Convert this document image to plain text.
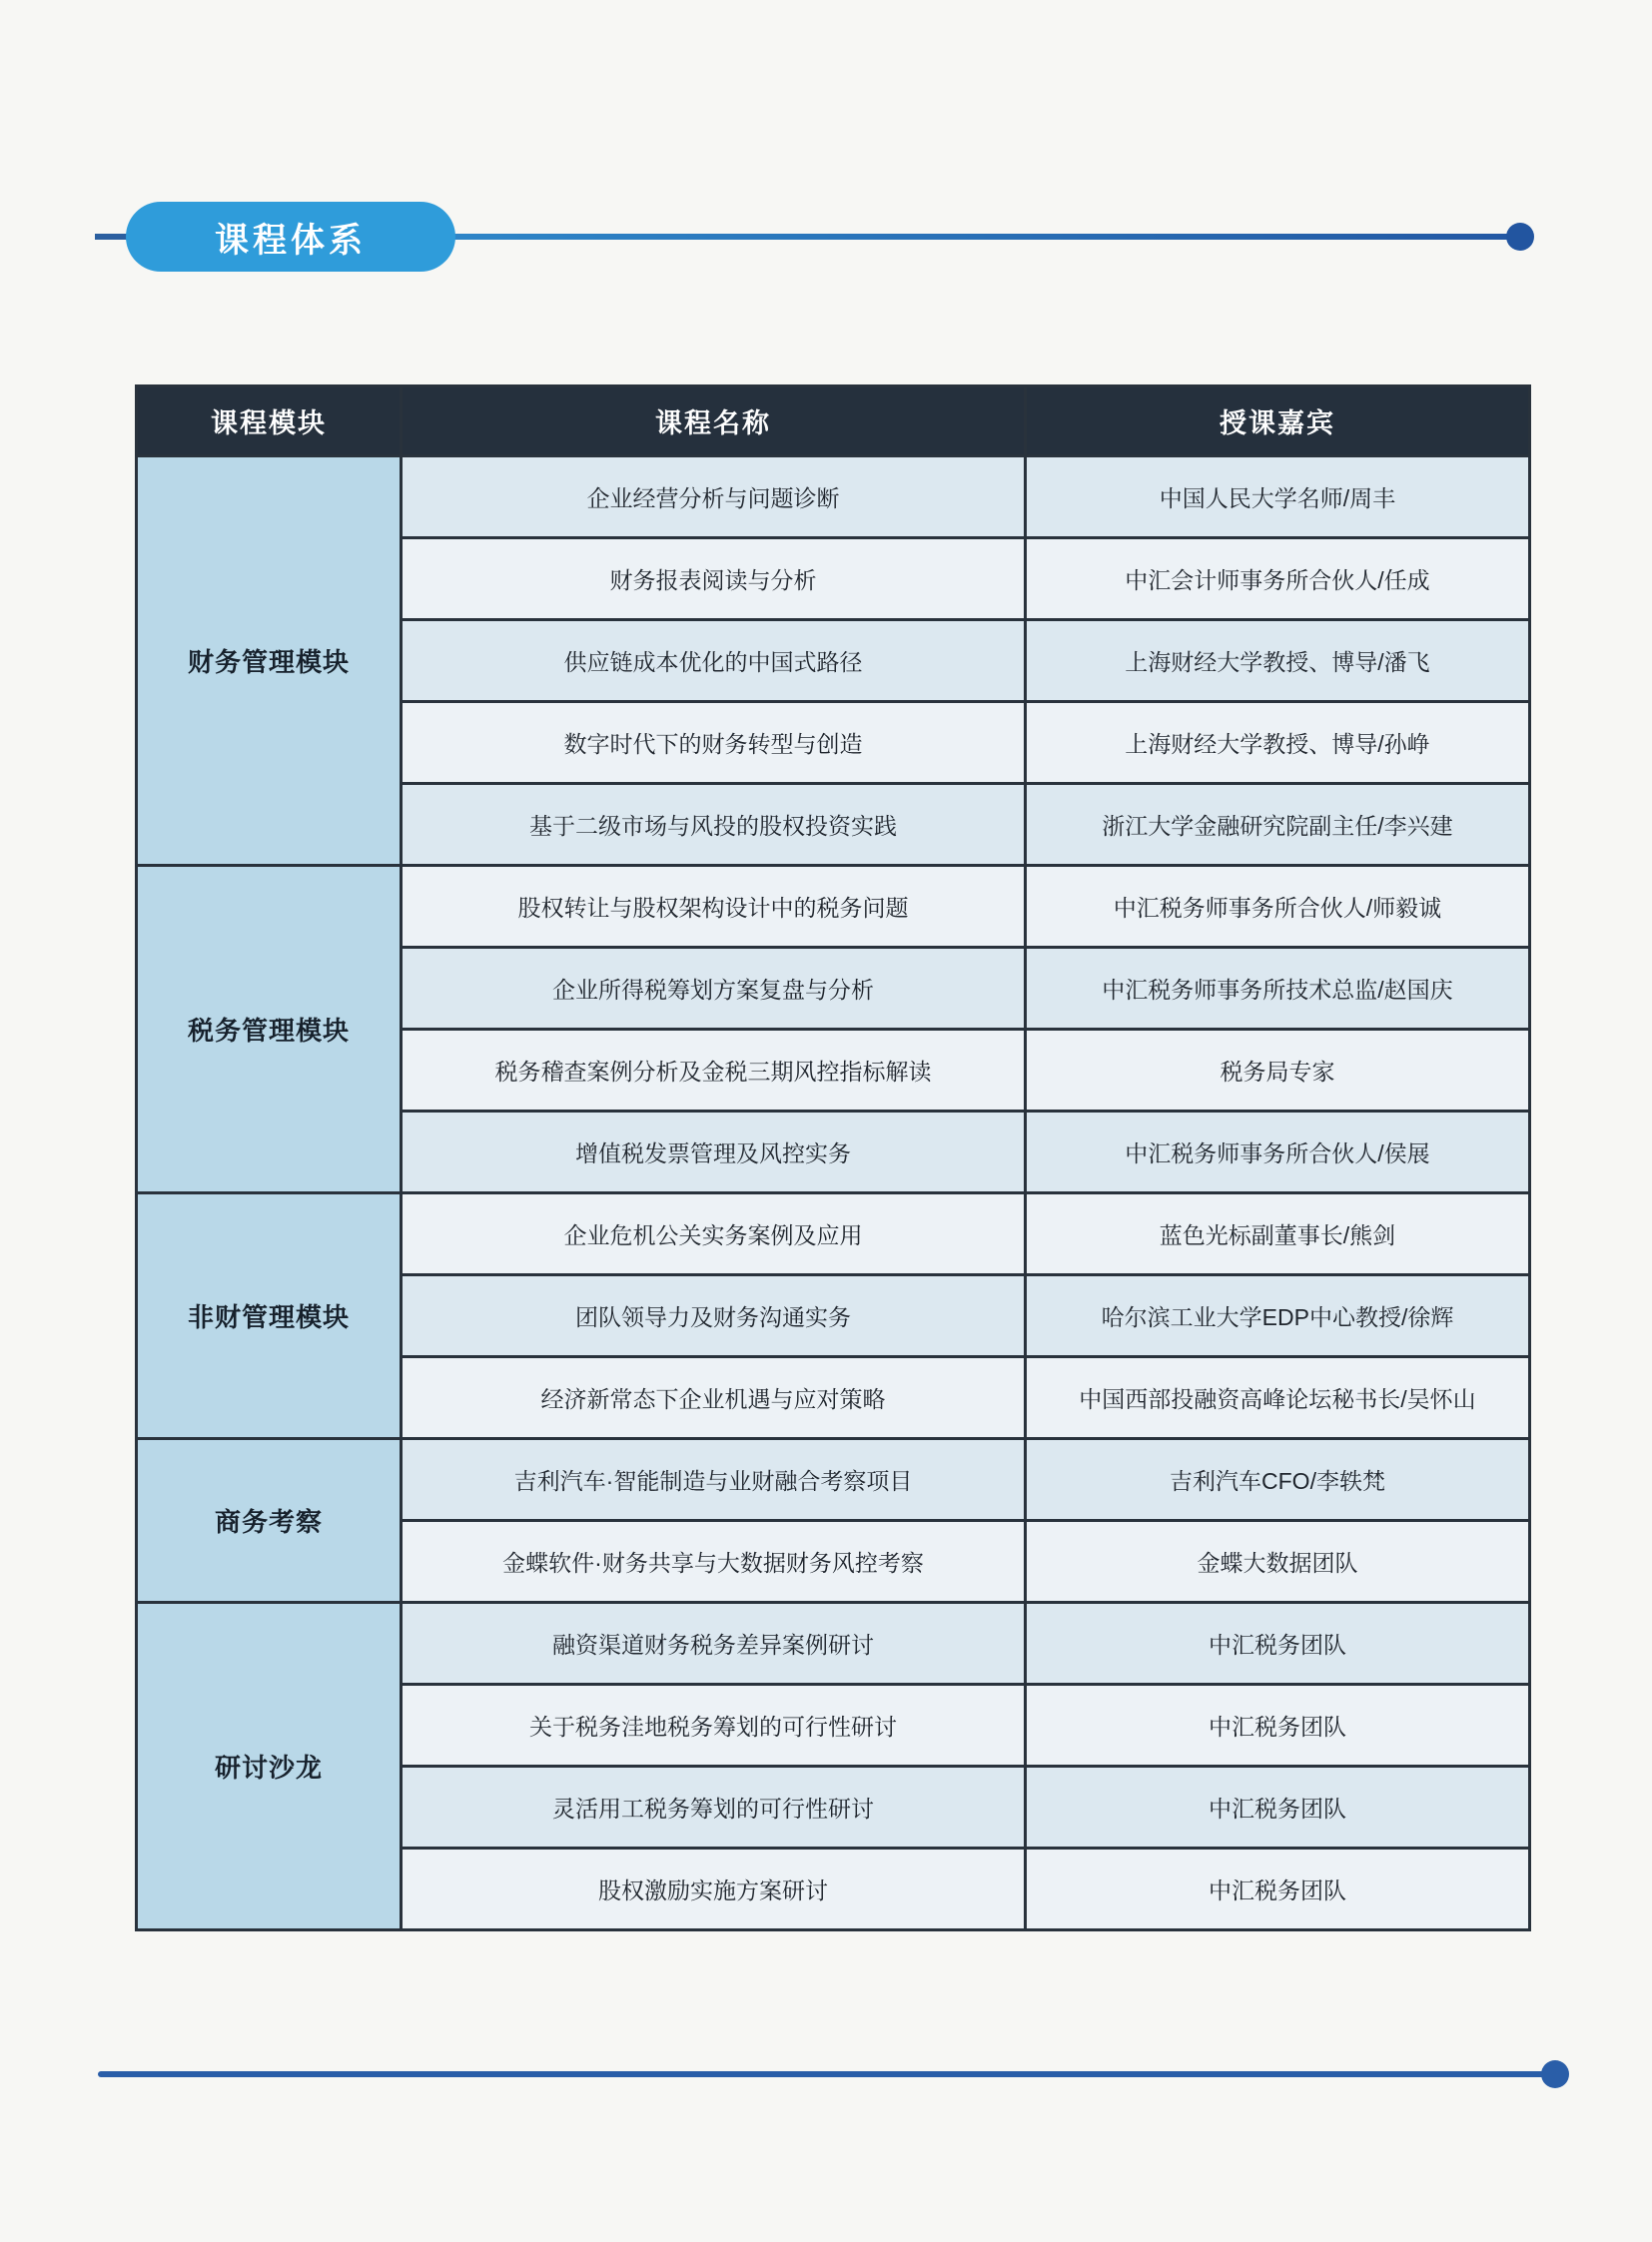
课程体系
课程模块	课程名称	授课嘉宾
财务管理模块	企业经营分析与问题诊断	中国人民大学名师/周丰
	财务报表阅读与分析	中汇会计师事务所合伙人/任成
	供应链成本优化的中国式路径	上海财经大学教授、博导/潘飞
	数字时代下的财务转型与创造	上海财经大学教授、博导/孙峥
	基于二级市场与风投的股权投资实践	浙江大学金融研究院副主任/李兴建
税务管理模块	股权转让与股权架构设计中的税务问题	中汇税务师事务所合伙人/师毅诚
	企业所得税筹划方案复盘与分析	中汇税务师事务所技术总监/赵国庆
	税务稽查案例分析及金税三期风控指标解读	税务局专家
	增值税发票管理及风控实务	中汇税务师事务所合伙人/侯展
非财管理模块	企业危机公关实务案例及应用	蓝色光标副董事长/熊剑
	团队领导力及财务沟通实务	哈尔滨工业大学EDP中心教授/徐辉
	经济新常态下企业机遇与应对策略	中国西部投融资高峰论坛秘书长/吴怀山
商务考察	吉利汽车·智能制造与业财融合考察项目	吉利汽车CFO/李轶梵
	金蝶软件·财务共享与大数据财务风控考察	金蝶大数据团队
研讨沙龙	融资渠道财务税务差异案例研讨	中汇税务团队
	关于税务洼地税务筹划的可行性研讨	中汇税务团队
	灵活用工税务筹划的可行性研讨	中汇税务团队
	股权激励实施方案研讨	中汇税务团队
